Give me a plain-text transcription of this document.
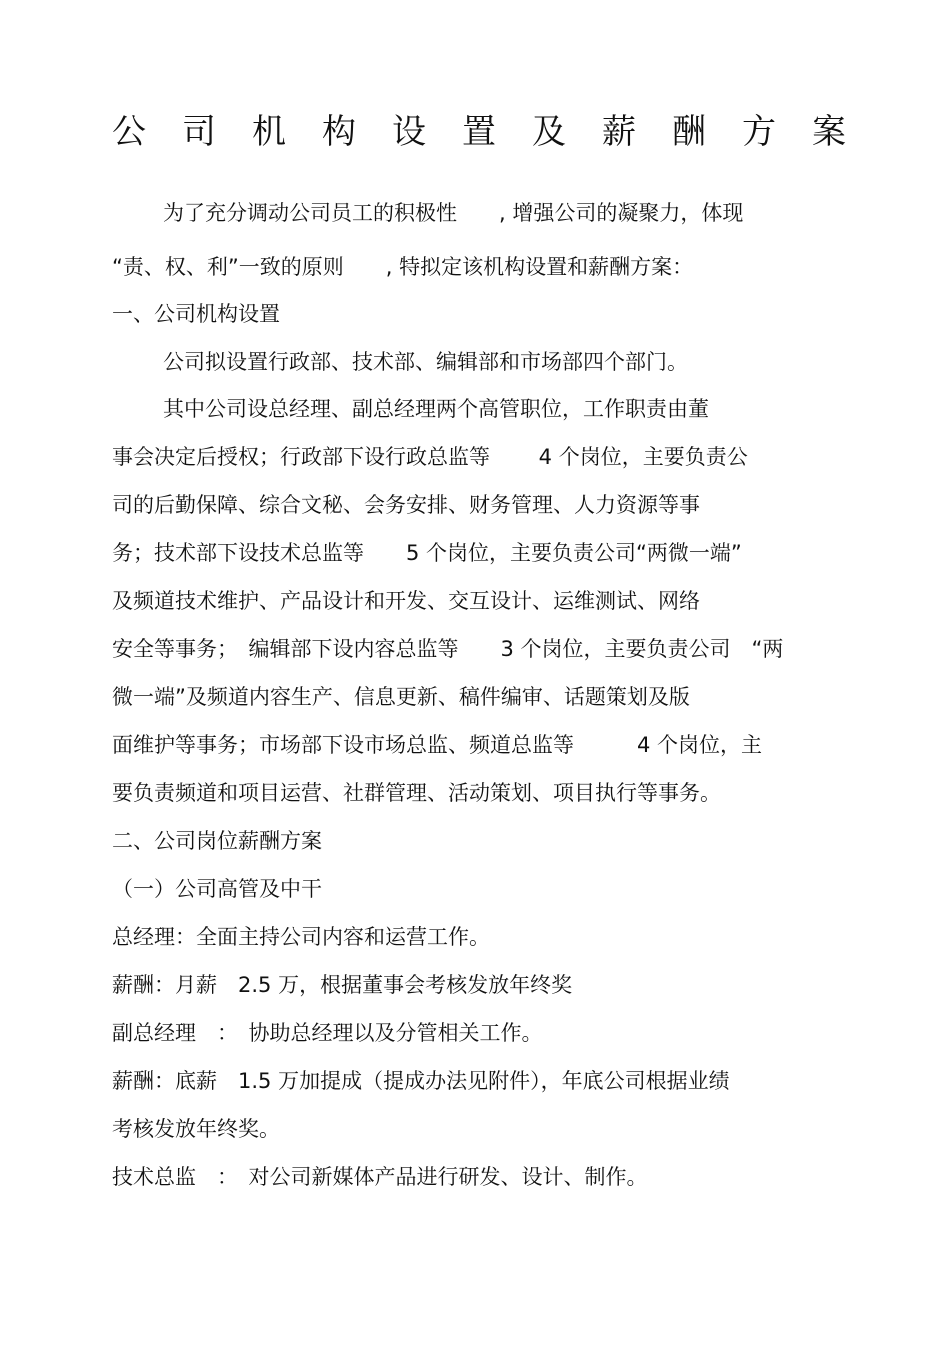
公司机构设置及薪酬方案
为了充分调动公司员工的积极性　　, 增强公司的凝聚力，体现
“责、权、利”一致的原则　　, 特拟定该机构设置和薪酬方案：
一、公司机构设置
公司拟设置行政部、技术部、编辑部和市场部四个部门。
其中公司设总经理、副总经理两个高管职位，工作职责由董
事会决定后授权；行政部下设行政总监等　　 4 个岗位，主要负责公
司的后勤保障、综合文秘、会务安排、财务管理、人力资源等事
务；技术部下设技术总监等　　5 个岗位，主要负责公司“两微一端”
及频道技术维护、产品设计和开发、交互设计、运维测试、网络
安全等事务；　编辑部下设内容总监等　　3 个岗位，主要负责公司　“两
微一端”及频道内容生产、信息更新、稿件编审、话题策划及版
面维护等事务；市场部下设市场总监、频道总监等　　　4 个岗位，主
要负责频道和项目运营、社群管理、活动策划、项目执行等事务。
二、公司岗位薪酬方案
（一）公司高管及中干
总经理：全面主持公司内容和运营工作。
薪酬：月薪　2.5 万，根据董事会考核发放年终奖
副总经理　：　协助总经理以及分管相关工作。
薪酬：底薪　1.5 万加提成（提成办法见附件），年底公司根据业绩
考核发放年终奖。
技术总监　：　对公司新媒体产品进行研发、设计、制作。
